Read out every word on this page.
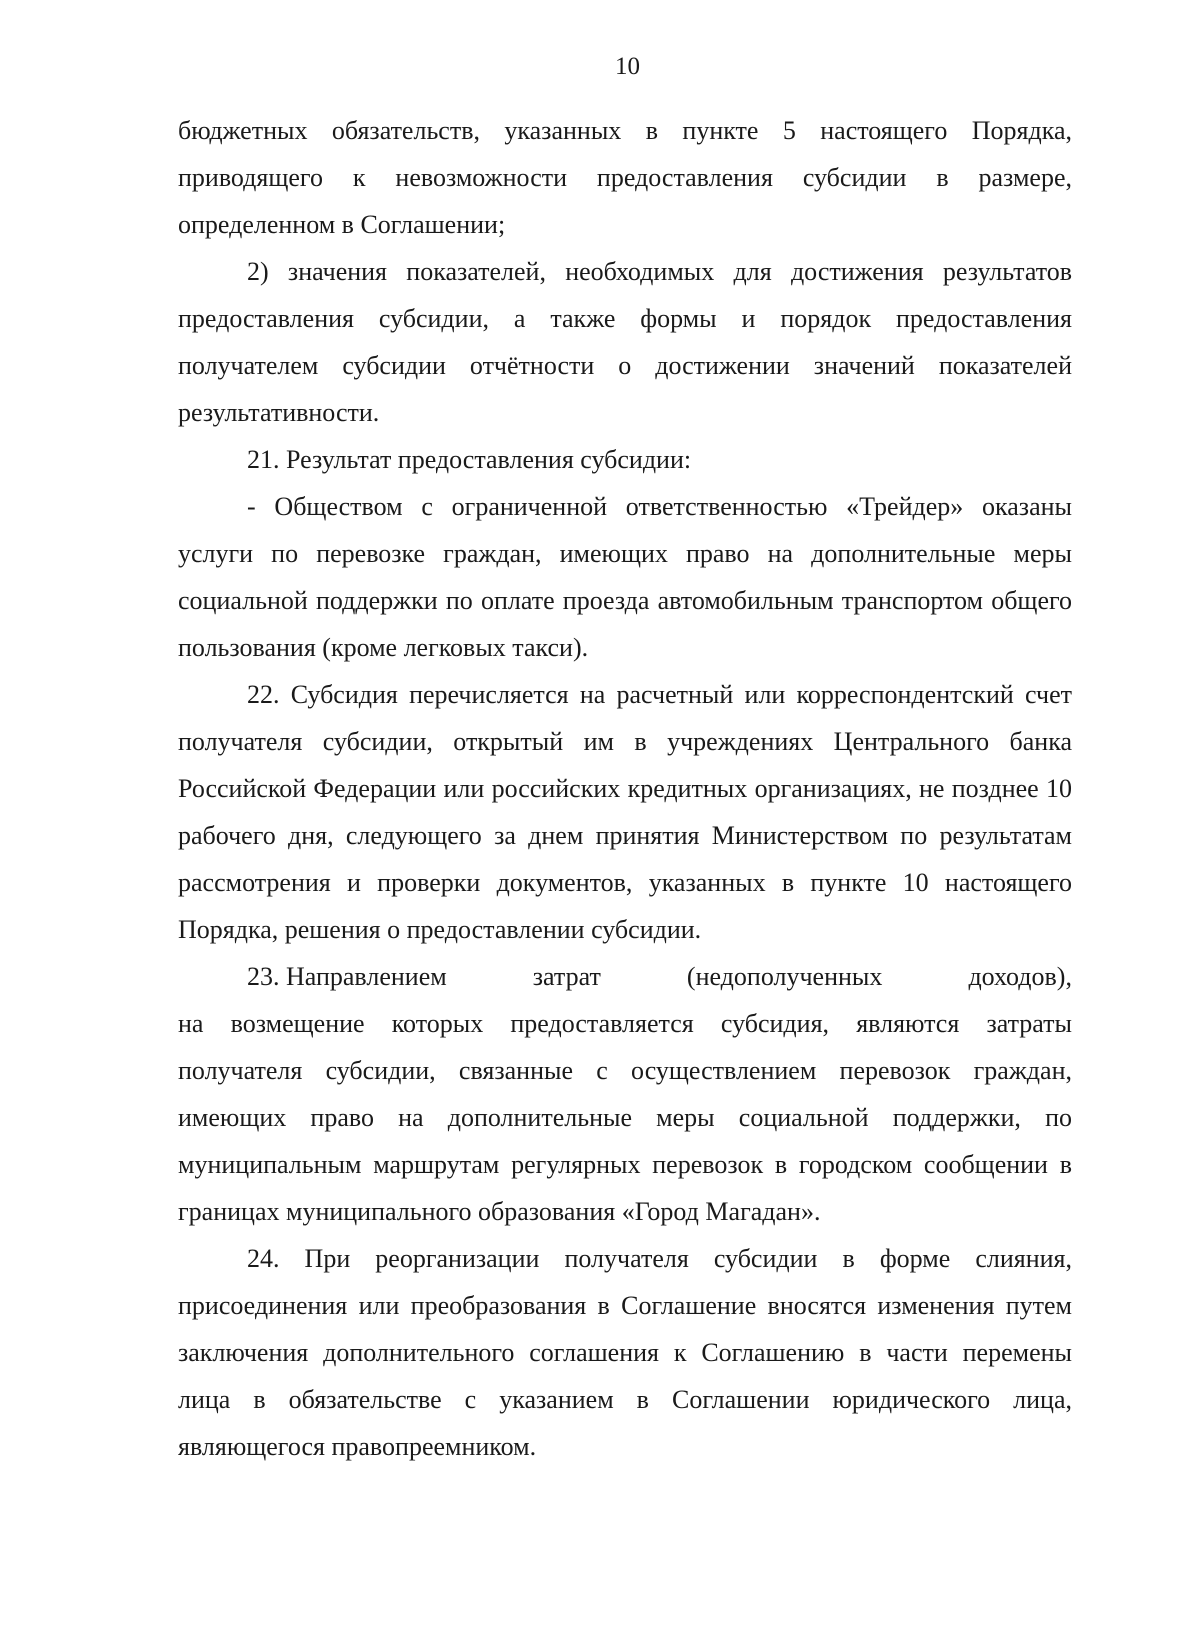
10

бюджетных обязательств, указанных в пункте 5 настоящего Порядка, приводящего к невозможности предоставления субсидии в размере, определенном в Соглашении;

2) значения показателей, необходимых для достижения результатов предоставления субсидии, а также формы и порядок предоставления получателем субсидии отчётности о достижении значений показателей результативности.

21. Результат предоставления субсидии:

- Обществом с ограниченной ответственностью «Трейдер» оказаны услуги по перевозке граждан, имеющих право на дополнительные меры социальной поддержки по оплате проезда автомобильным транспортом общего пользования (кроме легковых такси).

22. Субсидия перечисляется на расчетный или корреспондентский счет получателя субсидии, открытый им в учреждениях Центрального банка Российской Федерации или российских кредитных организациях, не позднее 10 рабочего дня, следующего за днем принятия Министерством по результатам рассмотрения и проверки документов, указанных в пункте 10 настоящего Порядка, решения о предоставлении субсидии.

23. Направлением	затрат	(недополученных	доходов),

на возмещение которых предоставляется субсидия, являются затраты получателя субсидии, связанные с осуществлением перевозок граждан, имеющих право на дополнительные меры социальной поддержки, по муниципальным маршрутам регулярных перевозок в городском сообщении в границах муниципального образования «Город Магадан».

24. При реорганизации получателя субсидии в форме слияния, присоединения или преобразования в Соглашение вносятся изменения путем заключения дополнительного соглашения к Соглашению в части перемены лица в обязательстве с указанием в Соглашении юридического лица, являющегося правопреемником.
